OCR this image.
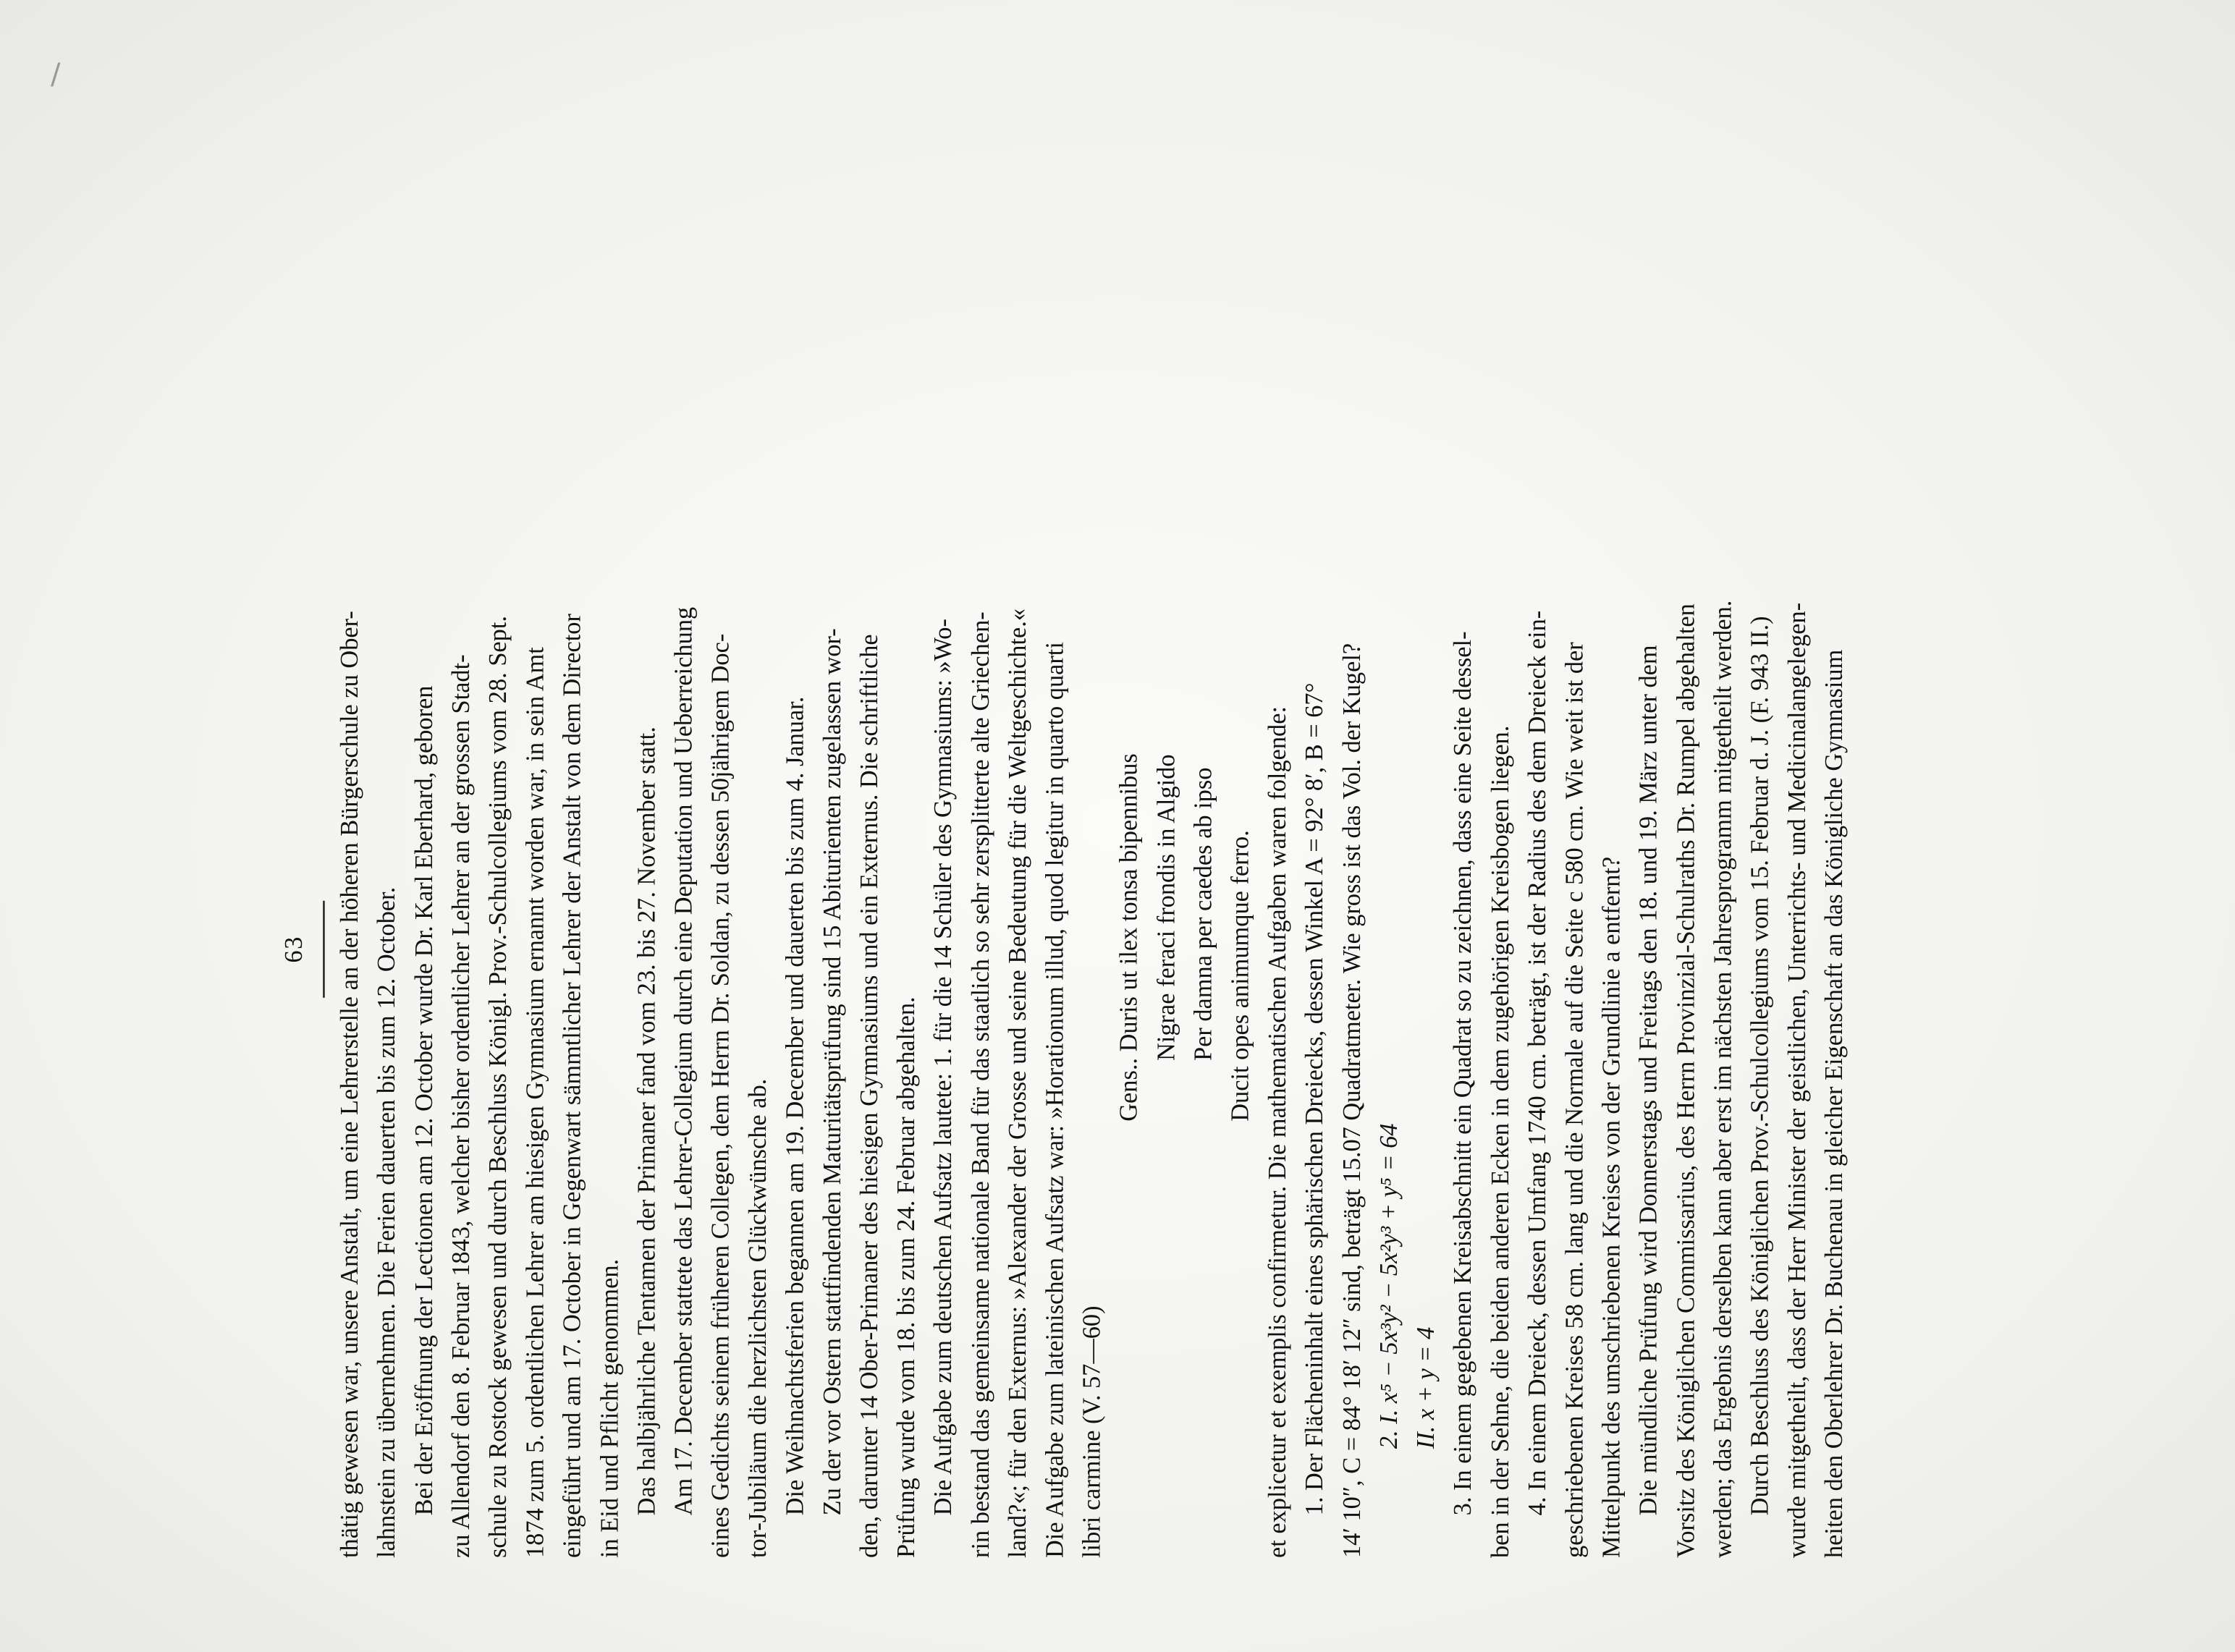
/
63 thätig gewesen war, unsere Anstalt, um eine Lehrerstelle an der höheren Bürgerschule zu Ober- lahnstein zu übernehmen. Die Ferien dauerten bis zum 12. October. Bei der Eröffnung der Lectionen am 12. October wurde Dr. Karl Eberhard, geboren zu Allendorf den 8. Februar 1843, welcher bisher ordentlicher Lehrer an der grossen Stadt- schule zu Rostock gewesen und durch Beschluss Königl. Prov.-Schulcollegiums vom 28. Sept. 1874 zum 5. ordentlichen Lehrer am hiesigen Gymnasium ernannt worden war, in sein Amt eingeführt und am 17. October in Gegenwart sämmtlicher Lehrer der Anstalt von dem Director in Eid und Pflicht genommen. Das halbjährliche Tentamen der Primaner fand vom 23. bis 27. November statt. Am 17. December stattete das Lehrer-Collegium durch eine Deputation und Ueberreichung eines Gedichts seinem früheren Collegen, dem Herrn Dr. Soldan, zu dessen 50jährigem Doc- tor-Jubiläum die herzlichsten Glückwünsche ab. Die Weihnachtsferien begannen am 19. December und dauerten bis zum 4. Januar. Zu der vor Ostern stattfindenden Maturitätsprüfung sind 15 Abiturienten zugelassen wor- den, darunter 14 Ober-Primaner des hiesigen Gymnasiums und ein Externus. Die schriftliche Prüfung wurde vom 18. bis zum 24. Februar abgehalten. Die Aufgabe zum deutschen Aufsatz lautete: 1. für die 14 Schüler des Gymnasiums: »Wo- rin bestand das gemeinsame nationale Band für das staatlich so sehr zersplitterte alte Griechen- land?«; für den Externus: »Alexander der Grosse und seine Bedeutung für die Weltgeschichte.« Die Aufgabe zum lateinischen Aufsatz war: »Horationum illud, quod legitur in quarto quarti libri carmine (V. 57—60)

Gens.. Duris ut ilex tonsa bipennibus Nigrae feraci frondis in Algido Per damna per caedes ab ipso Ducit opes animumque ferro. et explicetur et exemplis confirmetur. Die mathematischen Aufgaben waren folgende: 1. Der Flächeninhalt eines sphärischen Dreiecks, dessen Winkel A = 92° 8′, B = 67° 14′ 10″, C = 84° 18′ 12″ sind, beträgt 15.07 Quadratmeter. Wie gross ist das Vol. der Kugel? 2. I. x⁵ − 5x³y² − 5x²y³ + y⁵ = 64 II. x + y = 4 3. In einem gegebenen Kreisabschnitt ein Quadrat so zu zeichnen, dass eine Seite dessel- ben in der Sehne, die beiden anderen Ecken in dem zugehörigen Kreisbogen liegen. 4. In einem Dreieck, dessen Umfang 1740 cm. beträgt, ist der Radius des dem Dreieck ein- geschriebenen Kreises 58 cm. lang und die Normale auf die Seite c 580 cm. Wie weit ist der Mittelpunkt des umschriebenen Kreises von der Grundlinie a entfernt? Die mündliche Prüfung wird Donnerstags und Freitags den 18. und 19. März unter dem Vorsitz des Königlichen Commissarius, des Herrn Provinzial-Schulraths Dr. Rumpel abgehalten werden; das Ergebnis derselben kann aber erst im nächsten Jahresprogramm mitgetheilt werden. Durch Beschluss des Königlichen Prov.-Schulcollegiums vom 15. Februar d. J. (F. 943 II.) wurde mitgetheilt, dass der Herr Minister der geistlichen, Unterrichts- und Medicinalangelegen- heiten den Oberlehrer Dr. Buchenau in gleicher Eigenschaft an das Königliche Gymnasium
